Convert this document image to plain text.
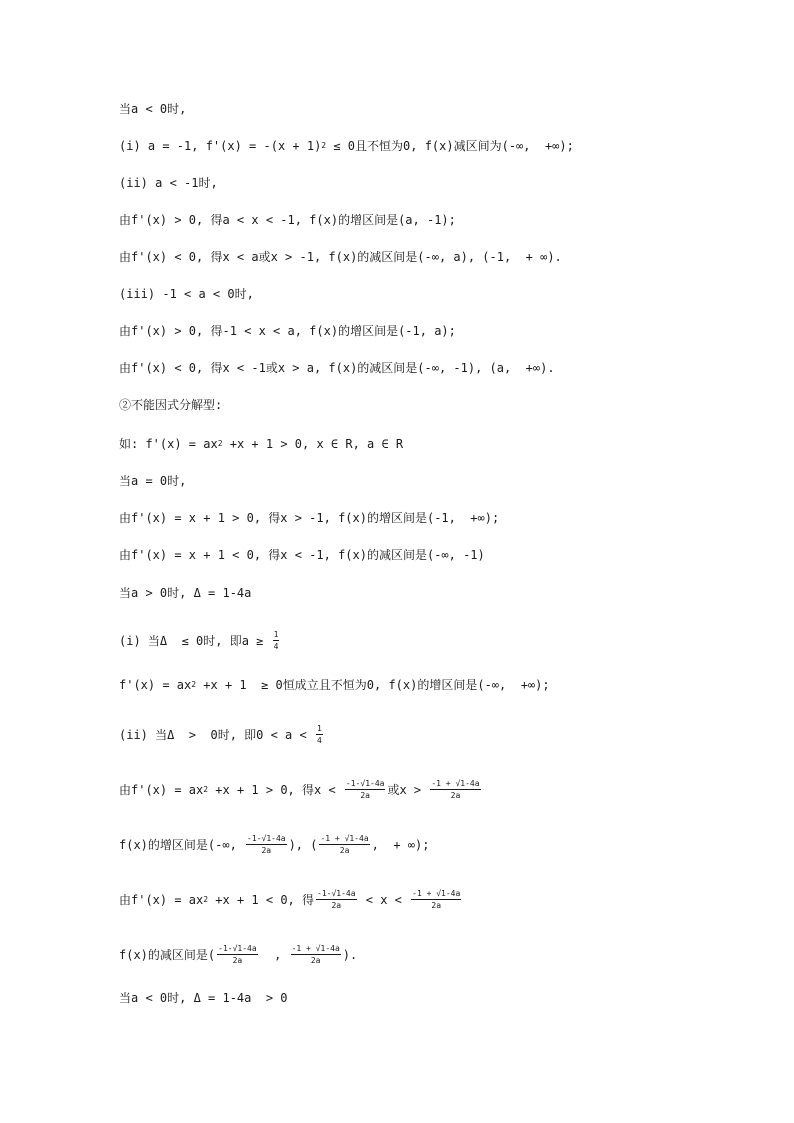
当a < 0时,
(i) a = -1, f'(x) = -(x + 1) 2 ≤ 0且不恒为0, f(x)减区间为(-∞,  +∞);
(ii) a < -1时,
由f'(x) > 0, 得a < x < -1, f(x)的增区间是(a, -1);
由f'(x) < 0, 得x < a或x > -1, f(x)的减区间是(-∞, a), (-1,  + ∞).
(iii) -1 < a < 0时,
由f'(x) > 0, 得-1 < x < a, f(x)的增区间是(-1, a);
由f'(x) < 0, 得x < -1或x > a, f(x)的减区间是(-∞, -1), (a,  +∞).
②不能因式分解型:
如: f'(x) = ax 2 +x + 1 > 0, x ∈ R, a ∈ R
当a = 0时,
由f'(x) = x + 1 > 0, 得x > -1, f(x)的增区间是(-1,  +∞);
由f'(x) = x + 1 < 0, 得x < -1, f(x)的减区间是(-∞, -1)
当a > 0时, Δ = 1-4a
(i) 当Δ  ≤ 0时, 即$a \ge \frac{1}{4}$
f'(x) = ax 2 +x + 1  ≥ 0恒成立且不恒为0, f(x)的增区间是(-∞,  +∞);
(ii) 当Δ  >  0时, 即$0 < a < \frac{1}{4}$
由f'(x) = ax 2 +x + 1 > 0, 得$x < \frac{-1-√1-4a}{2a}$ 或$x > \frac{-1 + √1-4a}{2a}$
f(x)的增区间是(-∞, $\frac{-1-√1-4a}{2a}$ ), ( $\frac{-1 + √1-4a}{2a}$ ,  + ∞);
由f'(x) = ax 2 +x + 1 < 0, 得 $\frac{-1-√1-4a}{2a} < x < \frac{-1 + √1-4a}{2a}$
f(x)的减区间是( $\frac{-1-√1-4a}{2a}$ , $\frac{-1 + √1-4a}{2a}$ ).
当a < 0时, Δ = 1-4a  > 0
